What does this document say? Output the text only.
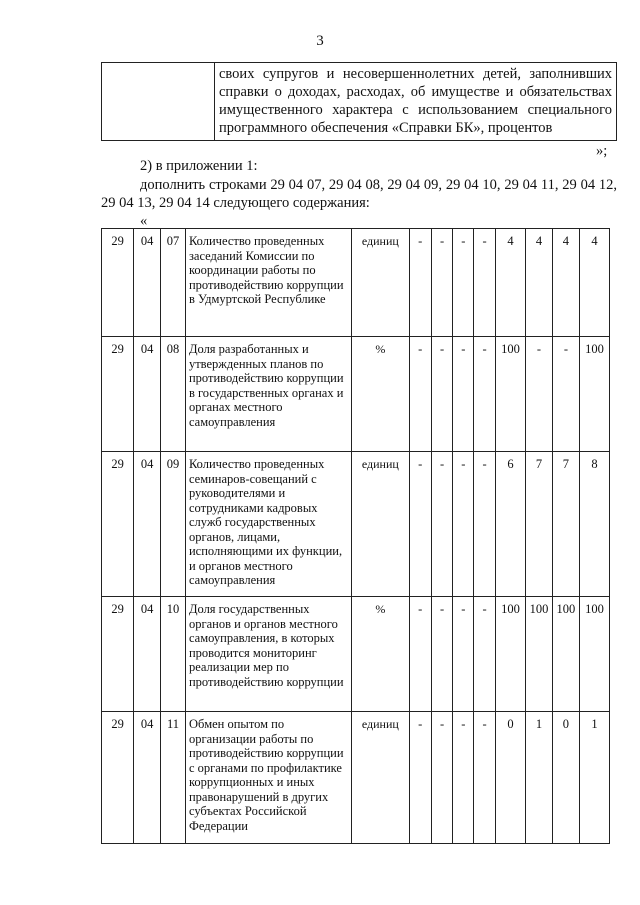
3
	своих супругов и несовершеннолетних детей, заполнивших справки о доходах, расходах, об имуществе и обязательствах имущественного характера с использованием специального программного обеспечения «Справки БК», процентов
»;
2) в приложении 1:
дополнить строками 29 04 07, 29 04 08, 29 04 09, 29 04 10, 29 04 11, 29 04 12, 29 04 13, 29 04 14 следующего содержания:
«
29	04	07	Количество проведенных заседаний Комиссии по координации работы по противодействию коррупции в Удмуртской Республике	единиц	-	-	-	-	4	4	4	4
29	04	08	Доля разработанных и утвержденных планов по противодействию коррупции в государственных органах и органах местного самоуправления	%	-	-	-	-	100	-	-	100
29	04	09	Количество проведенных семинаров-совещаний с руководителями и сотрудниками кадровых служб государственных органов, лицами, исполняющими их функции, и органов местного самоуправления	единиц	-	-	-	-	6	7	7	8
29	04	10	Доля государственных органов и органов местного самоуправления, в которых проводится мониторинг реализации мер по противодействию коррупции	%	-	-	-	-	100	100	100	100
29	04	11	Обмен опытом по организации работы по противодействию коррупции с органами по профилактике коррупционных и иных правонарушений в других субъектах Российской Федерации	единиц	-	-	-	-	0	1	0	1
